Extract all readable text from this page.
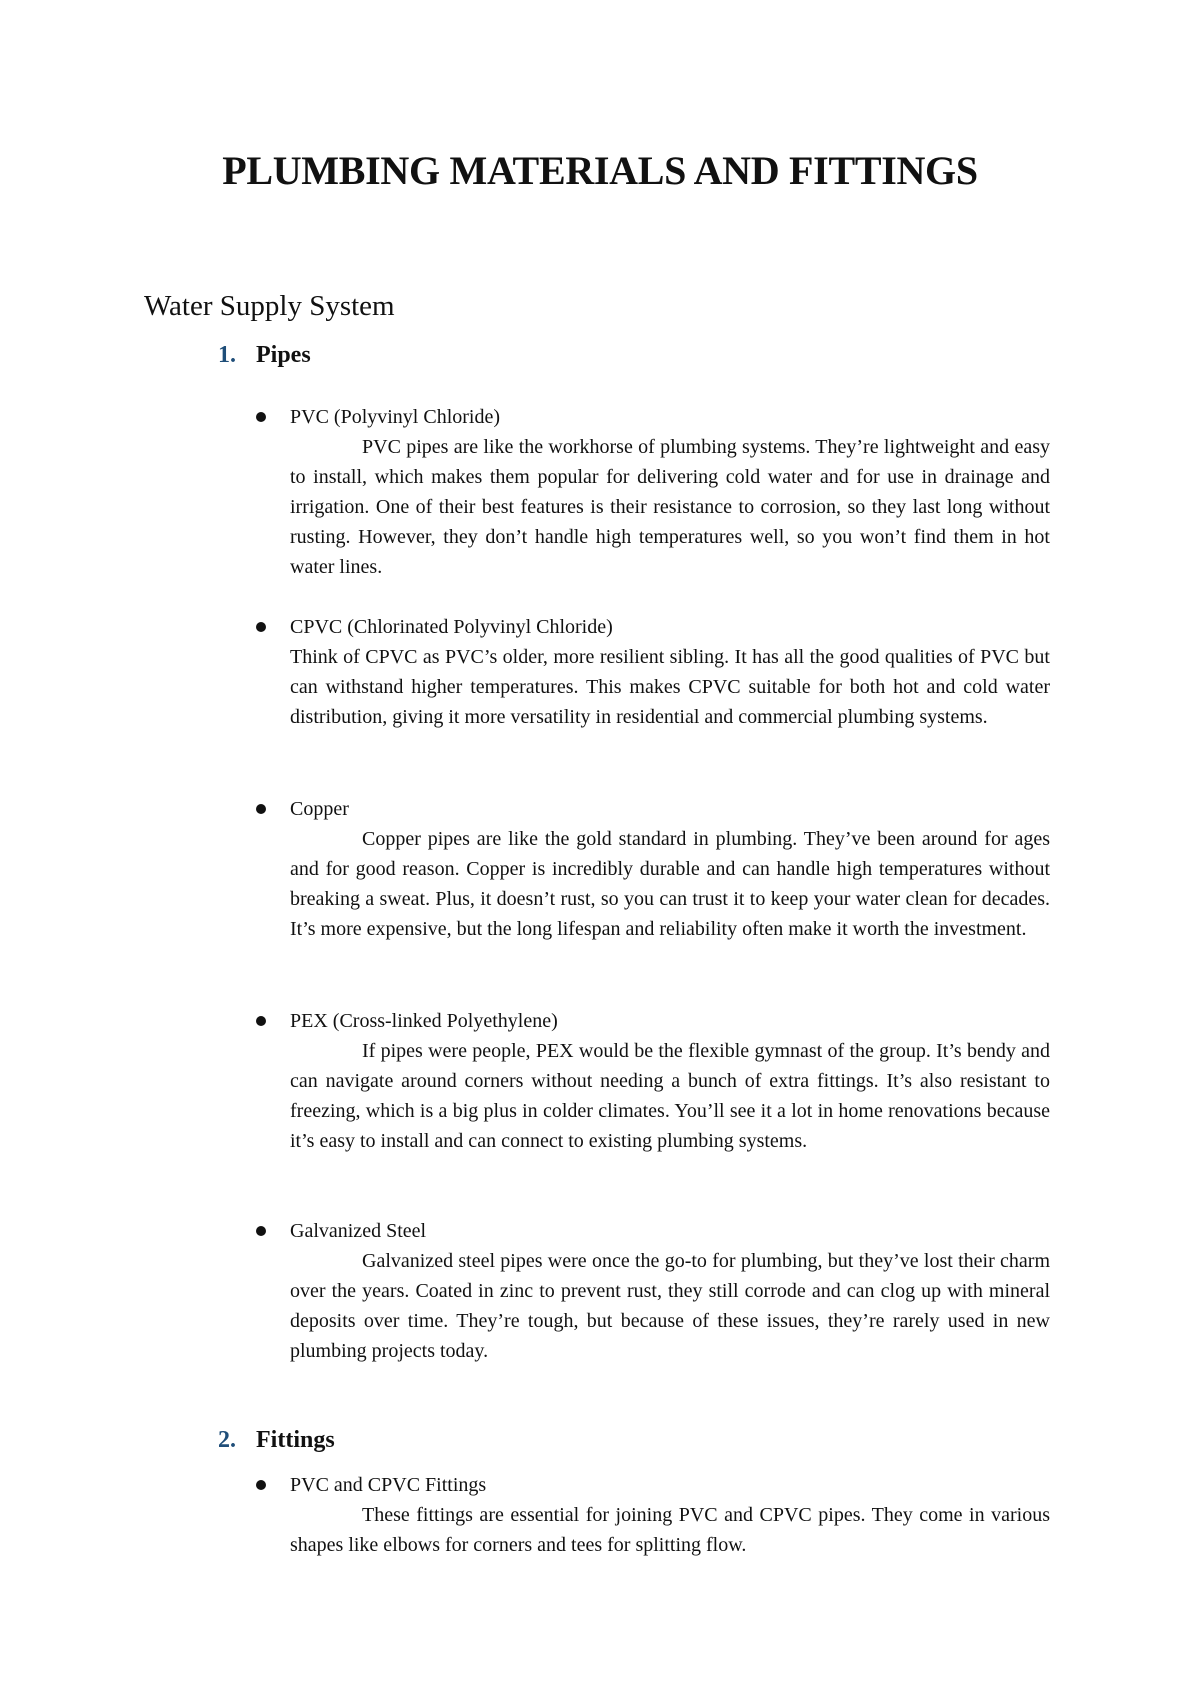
PLUMBING MATERIALS AND FITTINGS
Water Supply System
1. Pipes
PVC (Polyvinyl Chloride)

PVC pipes are like the workhorse of plumbing systems. They’re lightweight and easy to install, which makes them popular for delivering cold water and for use in drainage and irrigation. One of their best features is their resistance to corrosion, so they last long without rusting. However, they don’t handle high temperatures well, so you won’t find them in hot water lines.

CPVC (Chlorinated Polyvinyl Chloride)

Think of CPVC as PVC’s older, more resilient sibling. It has all the good qualities of PVC but can withstand higher temperatures. This makes CPVC suitable for both hot and cold water distribution, giving it more versatility in residential and commercial plumbing systems.

Copper

Copper pipes are like the gold standard in plumbing. They’ve been around for ages and for good reason. Copper is incredibly durable and can handle high temperatures without breaking a sweat. Plus, it doesn’t rust, so you can trust it to keep your water clean for decades. It’s more expensive, but the long lifespan and reliability often make it worth the investment.

PEX (Cross-linked Polyethylene)

If pipes were people, PEX would be the flexible gymnast of the group. It’s bendy and can navigate around corners without needing a bunch of extra fittings. It’s also resistant to freezing, which is a big plus in colder climates. You’ll see it a lot in home renovations because it’s easy to install and can connect to existing plumbing systems.

Galvanized Steel

Galvanized steel pipes were once the go-to for plumbing, but they’ve lost their charm over the years. Coated in zinc to prevent rust, they still corrode and can clog up with mineral deposits over time. They’re tough, but because of these issues, they’re rarely used in new plumbing projects today.

2. Fittings
PVC and CPVC Fittings

These fittings are essential for joining PVC and CPVC pipes. They come in various shapes like elbows for corners and tees for splitting flow.
